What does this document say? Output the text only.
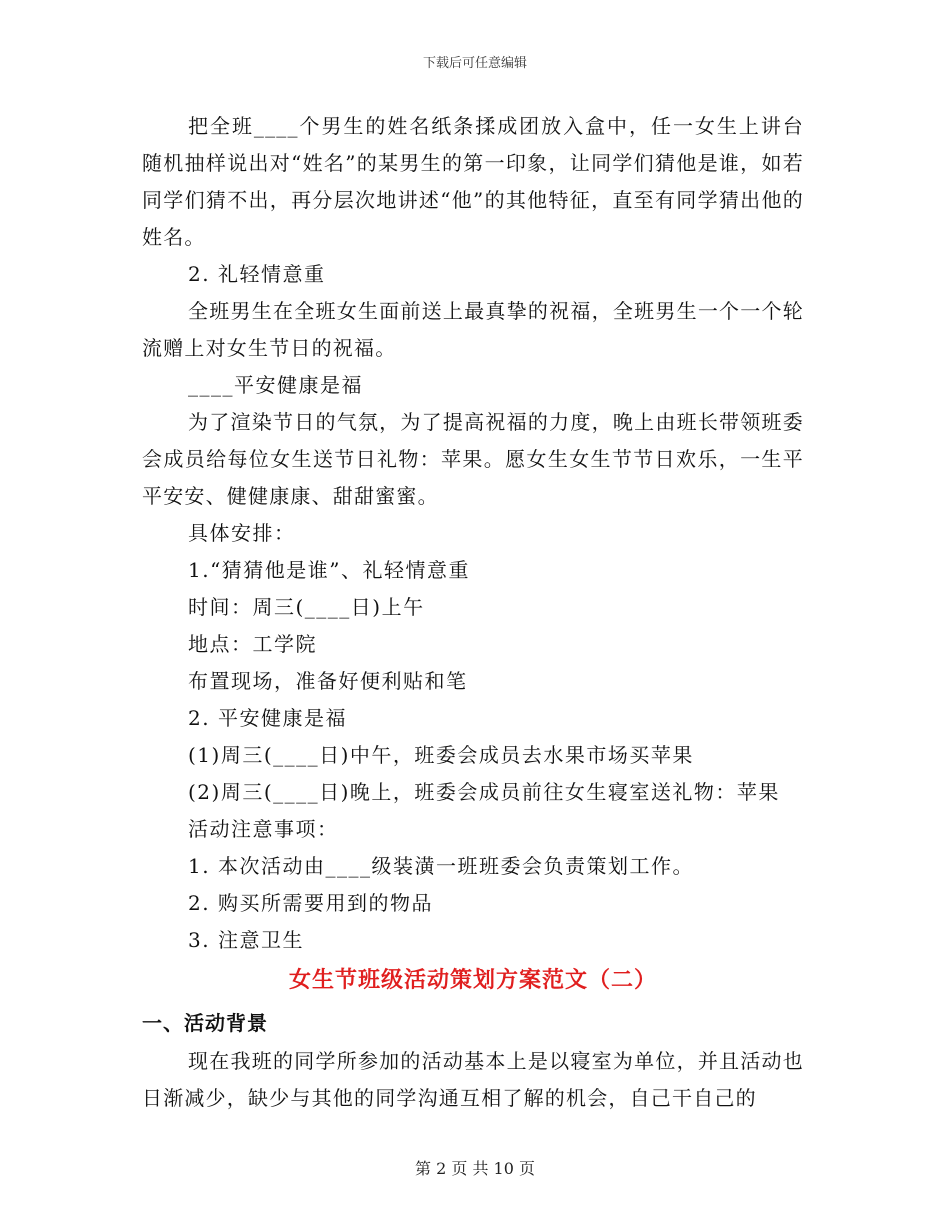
下载后可任意编辑

把全班____个男生的姓名纸条揉成团放入盒中，任一女生上讲台随机抽样说出对“姓名”的某男生的第一印象，让同学们猜他是谁，如若同学们猜不出，再分层次地讲述“他”的其他特征，直至有同学猜出他的姓名。

2. 礼轻情意重

全班男生在全班女生面前送上最真挚的祝福，全班男生一个一个轮流赠上对女生节日的祝福。

____平安健康是福

为了渲染节日的气氛，为了提高祝福的力度，晚上由班长带领班委会成员给每位女生送节日礼物：苹果。愿女生女生节节日欢乐，一生平平安安、健健康康、甜甜蜜蜜。

具体安排：

1.“猜猜他是谁”、礼轻情意重

时间：周三(____日)上午

地点：工学院

布置现场，准备好便利贴和笔

2. 平安健康是福

(1)周三(____日)中午，班委会成员去水果市场买苹果

(2)周三(____日)晚上，班委会成员前往女生寝室送礼物：苹果

活动注意事项：

1. 本次活动由____级装潢一班班委会负责策划工作。

2. 购买所需要用到的物品

3. 注意卫生

女生节班级活动策划方案范文（二）

一、活动背景

现在我班的同学所参加的活动基本上是以寝室为单位，并且活动也日渐减少，缺少与其他的同学沟通互相了解的机会，自己干自己的

第 2 页 共 10 页
